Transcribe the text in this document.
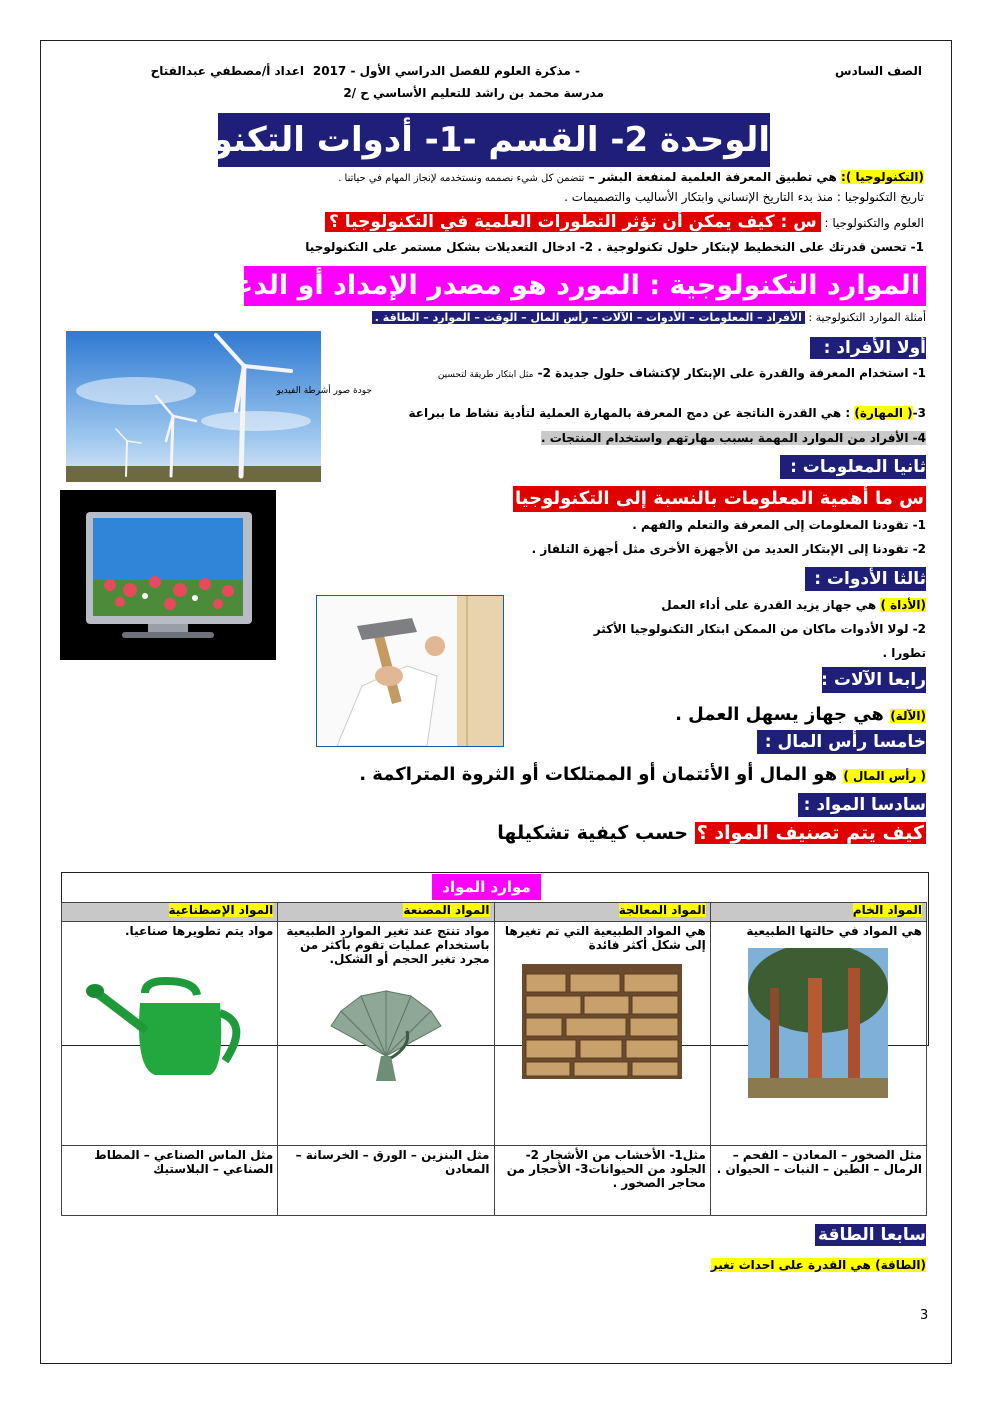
الصف السادس
- مذكرة العلوم للفصل الدراسي الأول - 2017
اعداد أ/مصطفي عبدالفتاح
مدرسة محمد بن راشد للتعليم الأساسي ح /2
الوحدة 2- القسم -1- أدوات التكنولوجيا
(التكنولوجيا ): هي تطبيق المعرفة العلمية لمنفعة البشر – تتضمن كل شيء نصممه ونستخدمه لإنجاز المهام في حياتنا .
تاريخ التكنولوجيا : منذ بدء التاريخ الإنساني وابتكار الأساليب والتصميمات .
العلوم والتكنولوجيا : س : كيف يمكن أن تؤثر التطورات العلمية في التكنولوجيا ؟
1- تحسن قدرتك على التخطيط لإبتكار حلول تكنولوجية . 2- ادخال التعديلات بشكل مستمر على التكنولوجيا
الموارد التكنولوجية : المورد هو مصدر الإمداد أو الدعم .
أمثلة الموارد التكنولوجية : الأفراد – المعلومات – الأدوات – الآلات – رأس المال – الوقت – الموارد – الطاقة .
أولا الأفراد :
1- استخدام المعرفة والقدرة على الإبتكار لإكتشاف حلول جديدة 2- مثل ابتكار طريقة لتحسين
جودة صور أشرطة الفيديو
3-( المهارة) : هي القدرة الناتجة عن دمج المعرفة بالمهارة العملية لتأدية نشاط ما ببراعة
4- الأفراد من الموارد المهمة بسبب مهارتهم واستخدام المنتجات .
ثانيا المعلومات :
س ما أهمية المعلومات بالنسبة إلى التكنولوجيا ؟
1- تقودنا المعلومات إلى المعرفة والتعلم والفهم .
2- تقودنا إلى الإبتكار العديد من الأجهزة الأخرى مثل أجهزة التلفاز .
ثالثا الأدوات :
(الأداة ) هي جهاز يزيد القدرة على أداء العمل
2- لولا الأدوات ماكان من الممكن ابتكار التكنولوجيا الأكثر
تطورا .
رابعا الآلات :
(الآلة) هي جهاز يسهل العمل .
خامسا رأس المال :
( رأس المال ) هو المال أو الأئتمان أو الممتلكات أو الثروة المتراكمة .
سادسا المواد :
كيف يتم تصنيف المواد ؟ حسب كيفية تشكيلها
موارد المواد
المواد الإصطناعية	المواد المصنعة	المواد المعالجة	المواد الخام

مواد يتم تطويرها صناعيا.	مواد تنتج عند تغير الموارد الطبيعية باستخدام عمليات تقوم بأكثر من مجرد تغير الحجم أو الشكل.	هي المواد الطبيعية التي تم تغيرها إلى شكل أكثر فائدة	هي المواد في حالتها الطبيعية

مثل الماس الصناعي – المطاط الصناعي – البلاستيك	مثل البنزين – الورق – الخرسانة – المعادن	مثل1- الأخشاب من الأشجار 2- الجلود من الحيوانات3- الأحجار من محاجر الصخور .	مثل الصخور – المعادن – الفحم – الرمال – الطين – النبات – الحيوان .
سابعا الطاقة :
(الطاقة) هي القدرة على احداث تغير
3
